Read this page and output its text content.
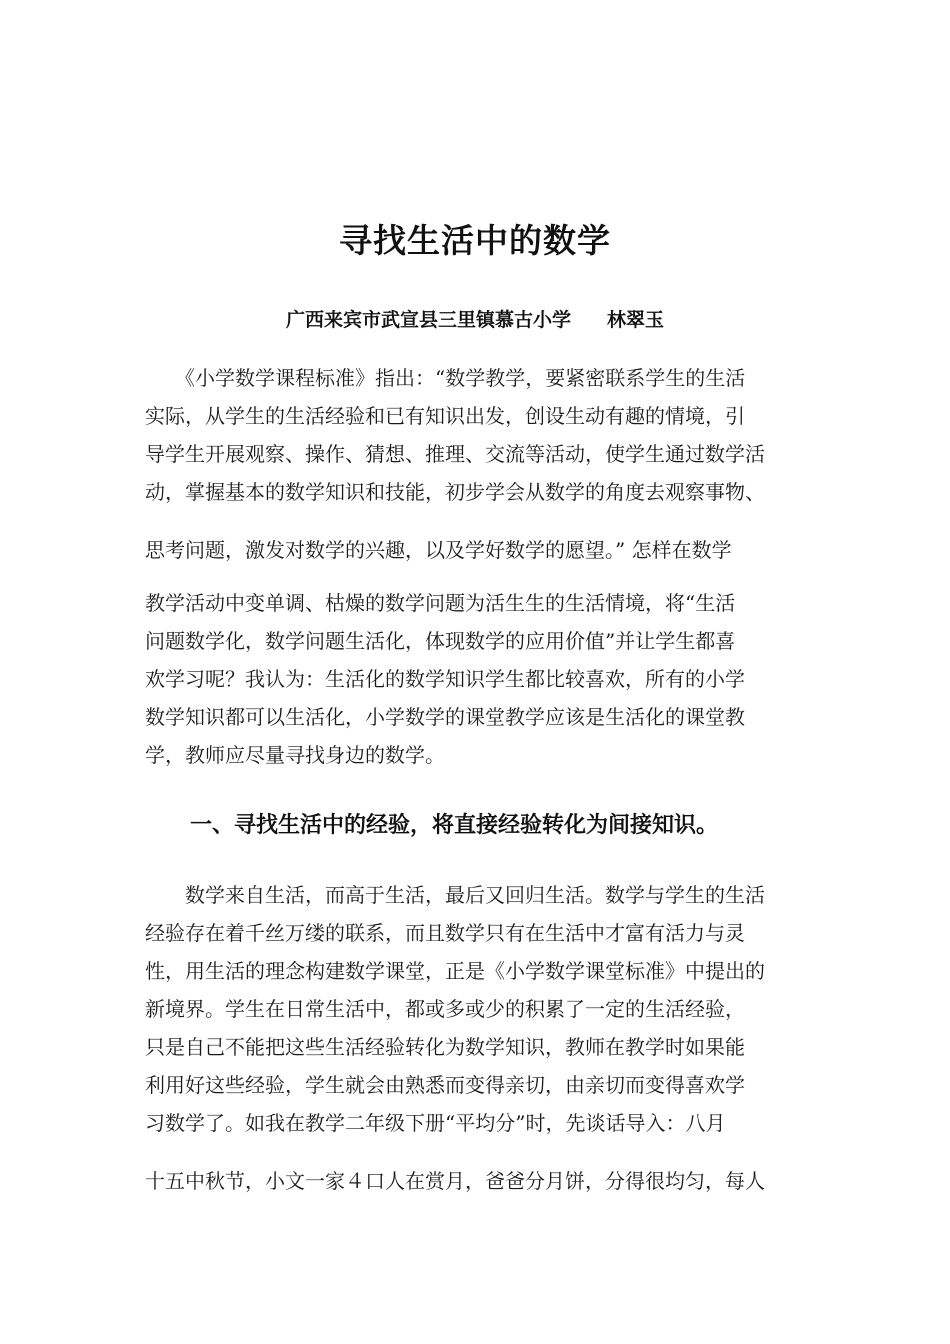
寻找生活中的数学
广西来宾市武宣县三里镇慕古小学 林翠玉
　　《小学数学课程标准》指出：“数学教学，要紧密联系学生的生活
实际，从学生的生活经验和已有知识出发，创设生动有趣的情境，引
导学生开展观察、操作、猜想、推理、交流等活动，使学生通过数学活
动，掌握基本的数学知识和技能，初步学会从数学的角度去观察事物、
思考问题，激发对数学的兴趣，以及学好数学的愿望。” 怎样在数学
教学活动中变单调、枯燥的数学问题为活生生的生活情境，将“生活
问题数学化，数学问题生活化，体现数学的应用价值”并让学生都喜
欢学习呢？我认为：生活化的数学知识学生都比较喜欢，所有的小学
数学知识都可以生活化，小学数学的课堂教学应该是生活化的课堂教
学，教师应尽量寻找身边的数学。
一、寻找生活中的经验，将直接经验转化为间接知识。
　　数学来自生活，而高于生活，最后又回归生活。数学与学生的生活
经验存在着千丝万缕的联系，而且数学只有在生活中才富有活力与灵
性，用生活的理念构建数学课堂，正是《小学数学课堂标准》中提出的
新境界。学生在日常生活中，都或多或少的积累了一定的生活经验，
只是自己不能把这些生活经验转化为数学知识，教师在教学时如果能
利用好这些经验，学生就会由熟悉而变得亲切，由亲切而变得喜欢学
习数学了。如我在教学二年级下册“平均分”时，先谈话导入：八月
十五中秋节，小文一家４口人在赏月，爸爸分月饼，分得很均匀，每人
